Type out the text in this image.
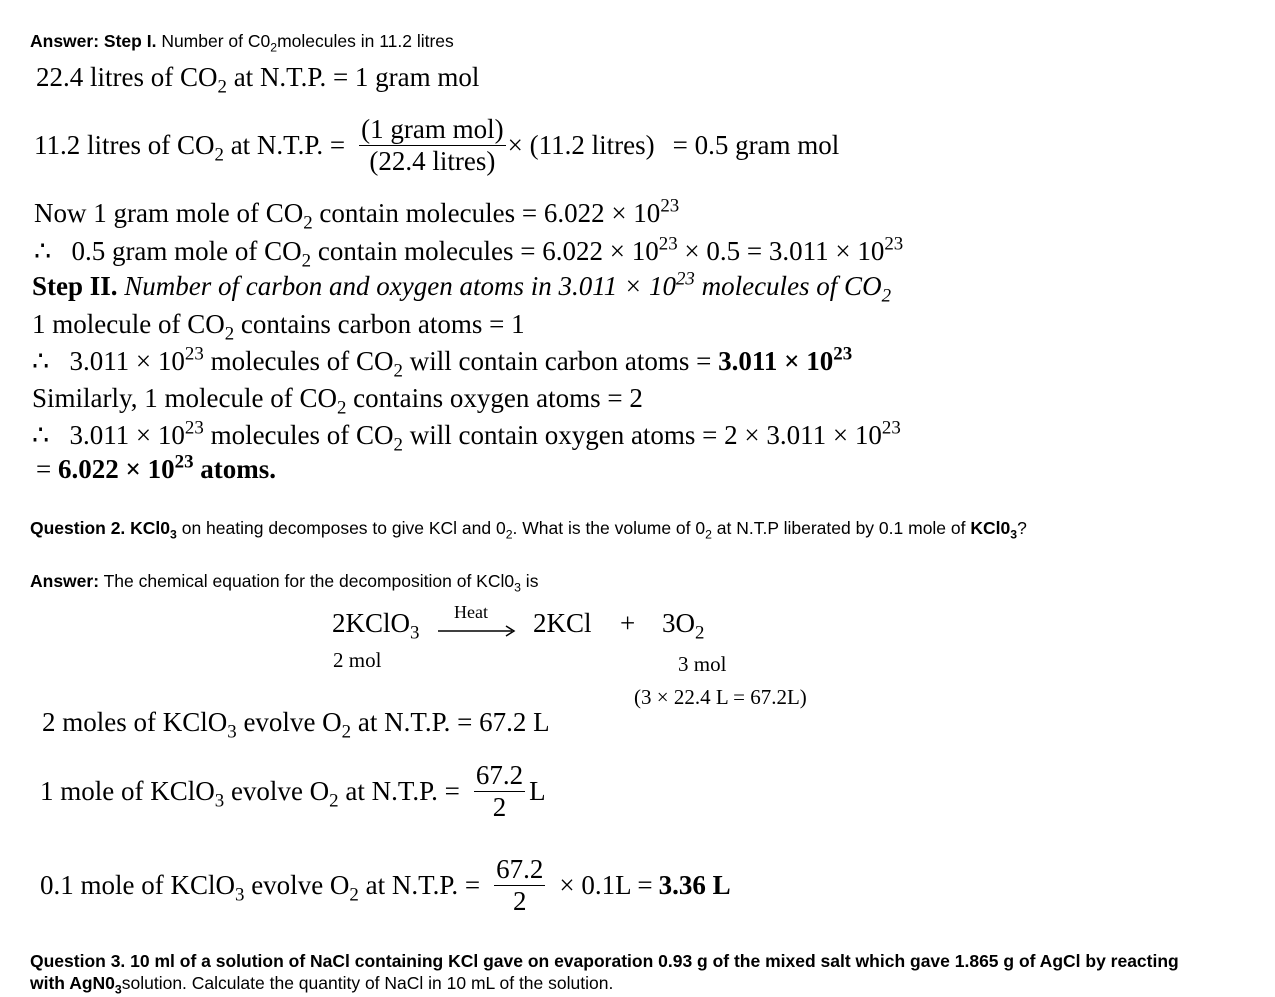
Answer: Step I. Number of $C0_2molecules$ in 11.2 litres
22.4 litres of $CO_2$ at N.T.P. = 1 gram mol
11.2 litres of $CO_2$ at N.T.P. = $\frac{\text{(1 gram mol)}}{\text{(22.4 litres)}} \times (11.2$ litres) = 0.5 gram mol
Now 1 gram mole of $CO_2$ contain molecules = $6.022 \times 10^{23}$
∴ 0.5 gram mole of $CO_2$ contain molecules = $6.022 \times 10^{23} \times 0.5 = 3.011 \times 10^{23}$
Step II. Number of carbon and oxygen atoms in $3.011 \times 10^{23}$ molecules of $CO_2$
1 molecule of $CO_2$ contains carbon atoms = 1
∴ $3.011 \times 10^{23}$ molecules of $CO_2$ will contain carbon atoms = $3.011 \times 10^{23}$
Similarly, 1 molecule of $CO_2$ contains oxygen atoms = 2
∴ $3.011 \times 10^{23}$ molecules of $CO_2$ will contain oxygen atoms = $2 \times 3.011 \times 10^{23}$
= $6.022 \times 10^{23}$ atoms.
Question 2. $KCl0_3$ on heating decomposes to give KCl and $0_2$. What is the volume of $0_2$ at N.T.P liberated by 0.1 mole of $KCl0_3$?
Answer: The chemical equation for the decomposition of $KCl0_3$ is
2KClO$_3$
Heat $2KCl + 3O_2$
2 mol	3 mol
(3 × 22.4 L = 67.2L)
2 moles of KClO$_3$ evolve $O_2$ at N.T.P. = 67.2 L
1 mole of KClO$_3$ evolve $O_2$ at N.T.P. = $\frac{67.2}{2}$ L
0.1 mole of KClO$_3$ evolve $O_2$ at N.T.P. = $\frac{67.2}{2} \times 0.1L = 3.36$ L
Question 3. 10 ml of a solution of NaCl containing KCl gave on evaporation 0.93 g of the mixed salt which gave 1.865 g of AgCl by reacting
with $AgN0_3solution$. Calculate the quantity of NaCl in 10 mL of the solution.
